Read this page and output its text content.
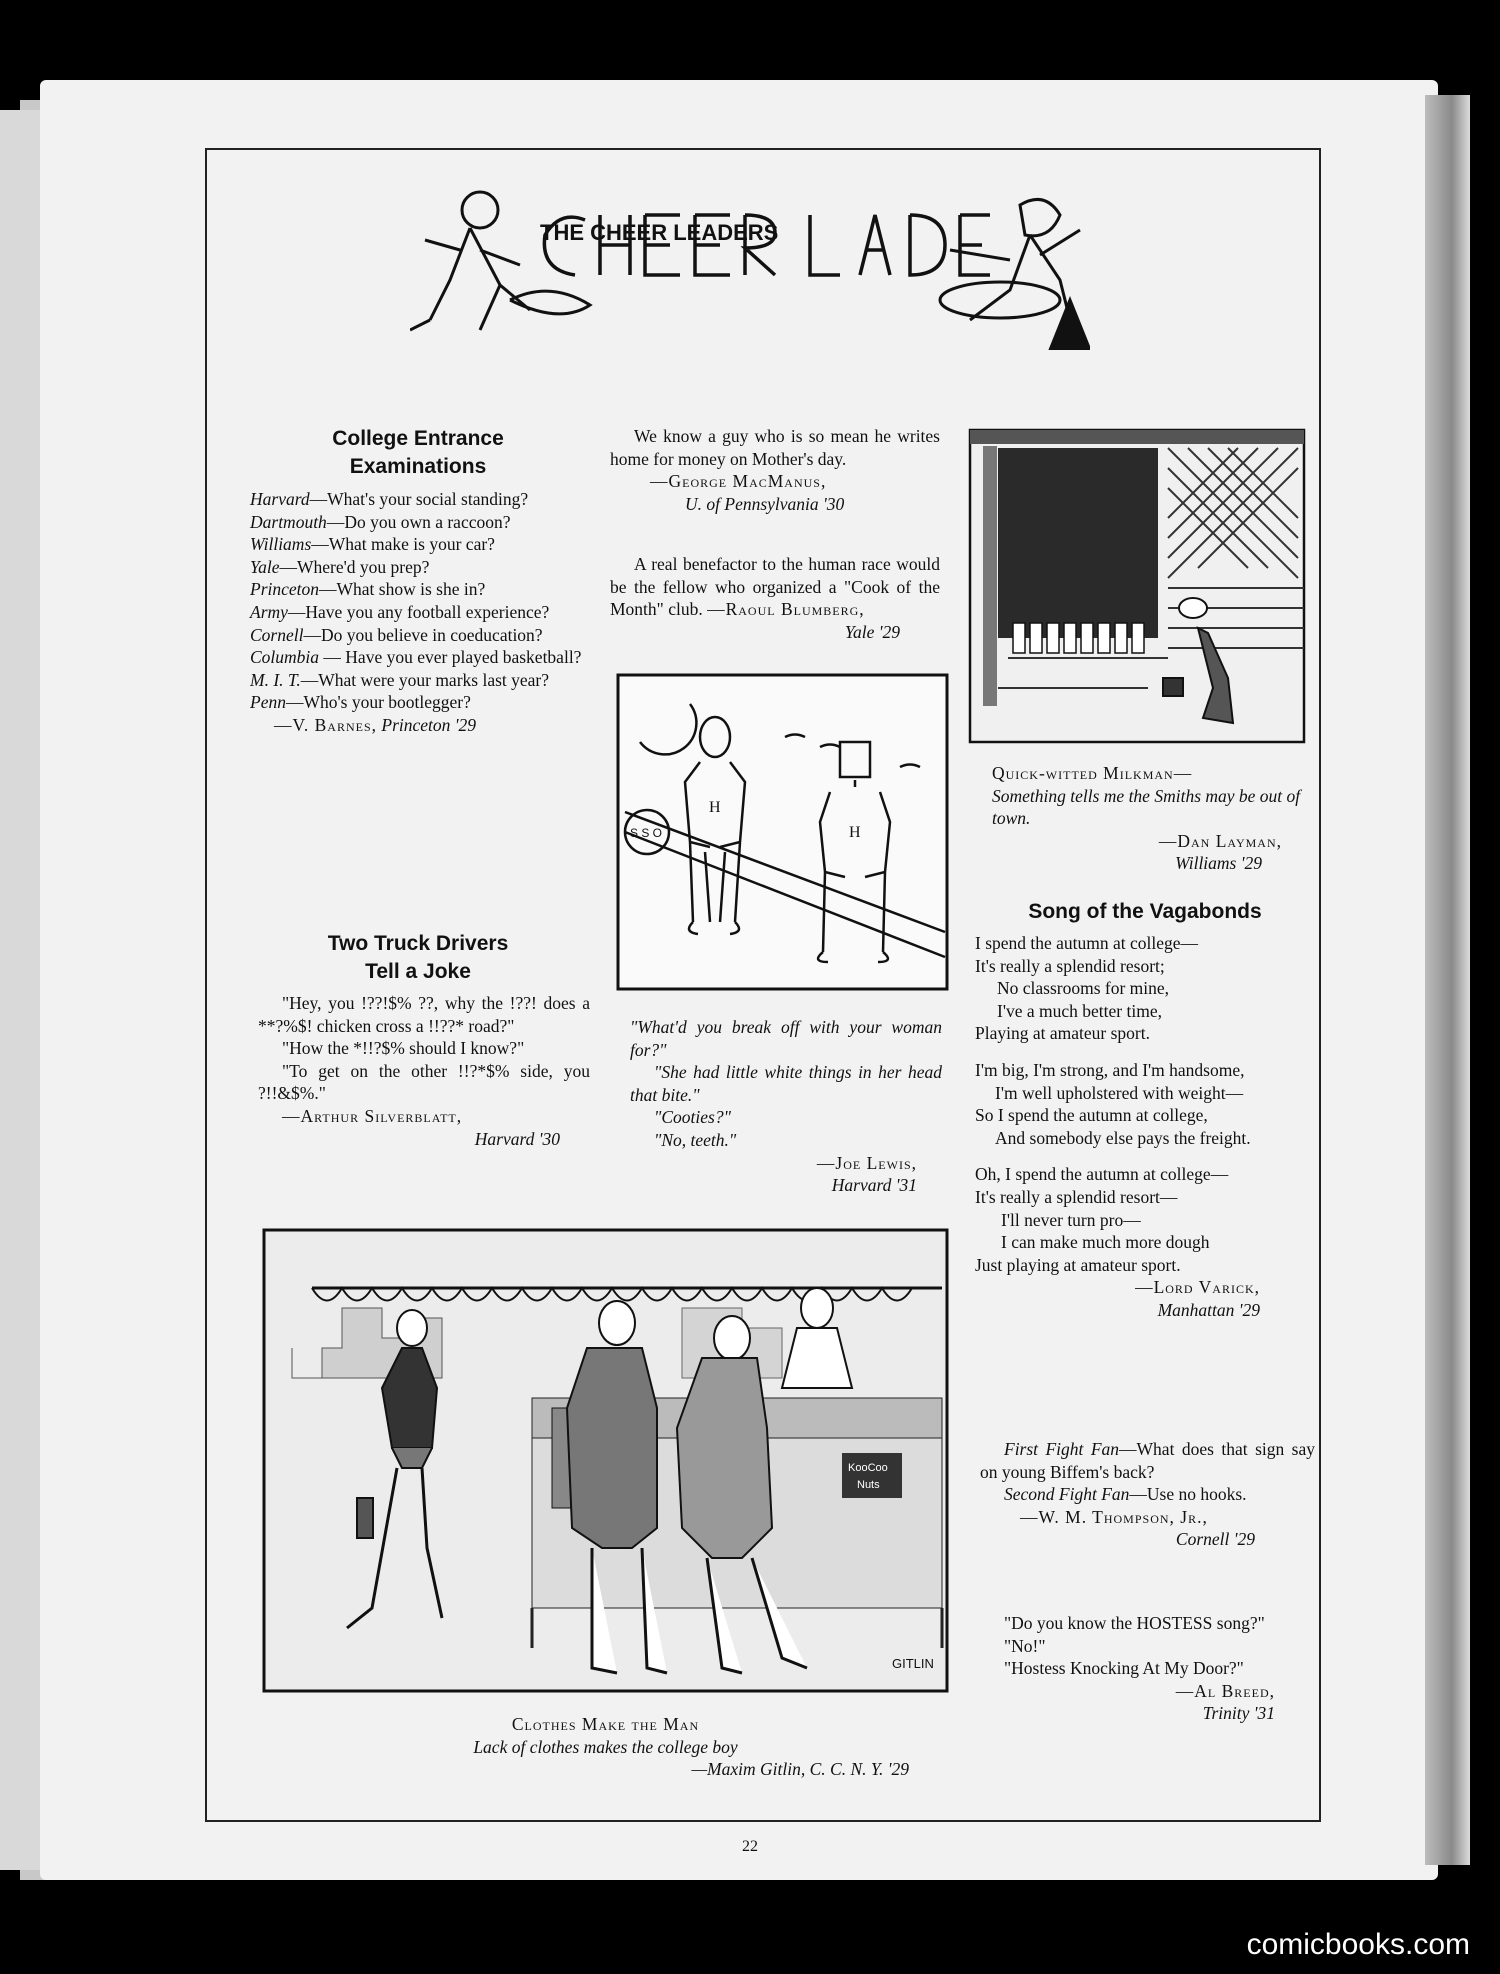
THE CHEER LEADERS
College Entrance
Examinations

Harvard—What's your social standing?

Dartmouth—Do you own a raccoon?

Williams—What make is your car?

Yale—Where'd you prep?

Princeton—What show is she in?

Army—Have you any football experience?

Cornell—Do you believe in coeducation?

Columbia — Have you ever played basketball?

M. I. T.—What were your marks last year?

Penn—Who's your bootlegger?

—V. Barnes, Princeton '29

Two Truck Drivers
Tell a Joke

"Hey, you !??!$% ??, why the !??! does a **?%$! chicken cross a !!??* road?"

"How the *!!?$% should I know?"

"To get on the other !!?*$% side, you ?!!&$%."

—Arthur Silverblatt,

Harvard '30

We know a guy who is so mean he writes home for money on Mother's day.

—George MacManus,

U. of Pennsylvania '30

A real benefactor to the human race would be the fellow who organized a "Cook of the Month" club. —Raoul Blumberg,

Yale '29

H
H
S S O

"What'd you break off with your woman for?"

"She had little white things in her head that bite."

"Cooties?"

"No, teeth."

—Joe Lewis,

Harvard '31

Quick-witted Milkman—

Something tells me the Smiths may be out of town.

—Dan Layman,

Williams '29

Song of the Vagabonds

I spend the autumn at college—

It's really a splendid resort;

No classrooms for mine,

I've a much better time,

Playing at amateur sport.

I'm big, I'm strong, and I'm handsome,

I'm well upholstered with weight—

So I spend the autumn at college,

And somebody else pays the freight.

Oh, I spend the autumn at college—

It's really a splendid resort—

I'll never turn pro—

I can make much more dough

Just playing at amateur sport.

—Lord Varick,

Manhattan '29

First Fight Fan—What does that sign say on young Biffem's back?

Second Fight Fan—Use no hooks.

—W. M. Thompson, Jr.,

Cornell '29

"Do you know the HOSTESS song?"

"No!"

"Hostess Knocking At My Door?"

—Al Breed,

Trinity '31

KooCoo
Nuts
GITLIN

Clothes Make the Man

Lack of clothes makes the college boy

—Maxim Gitlin, C. C. N. Y. '29

22
comicbooks.com
